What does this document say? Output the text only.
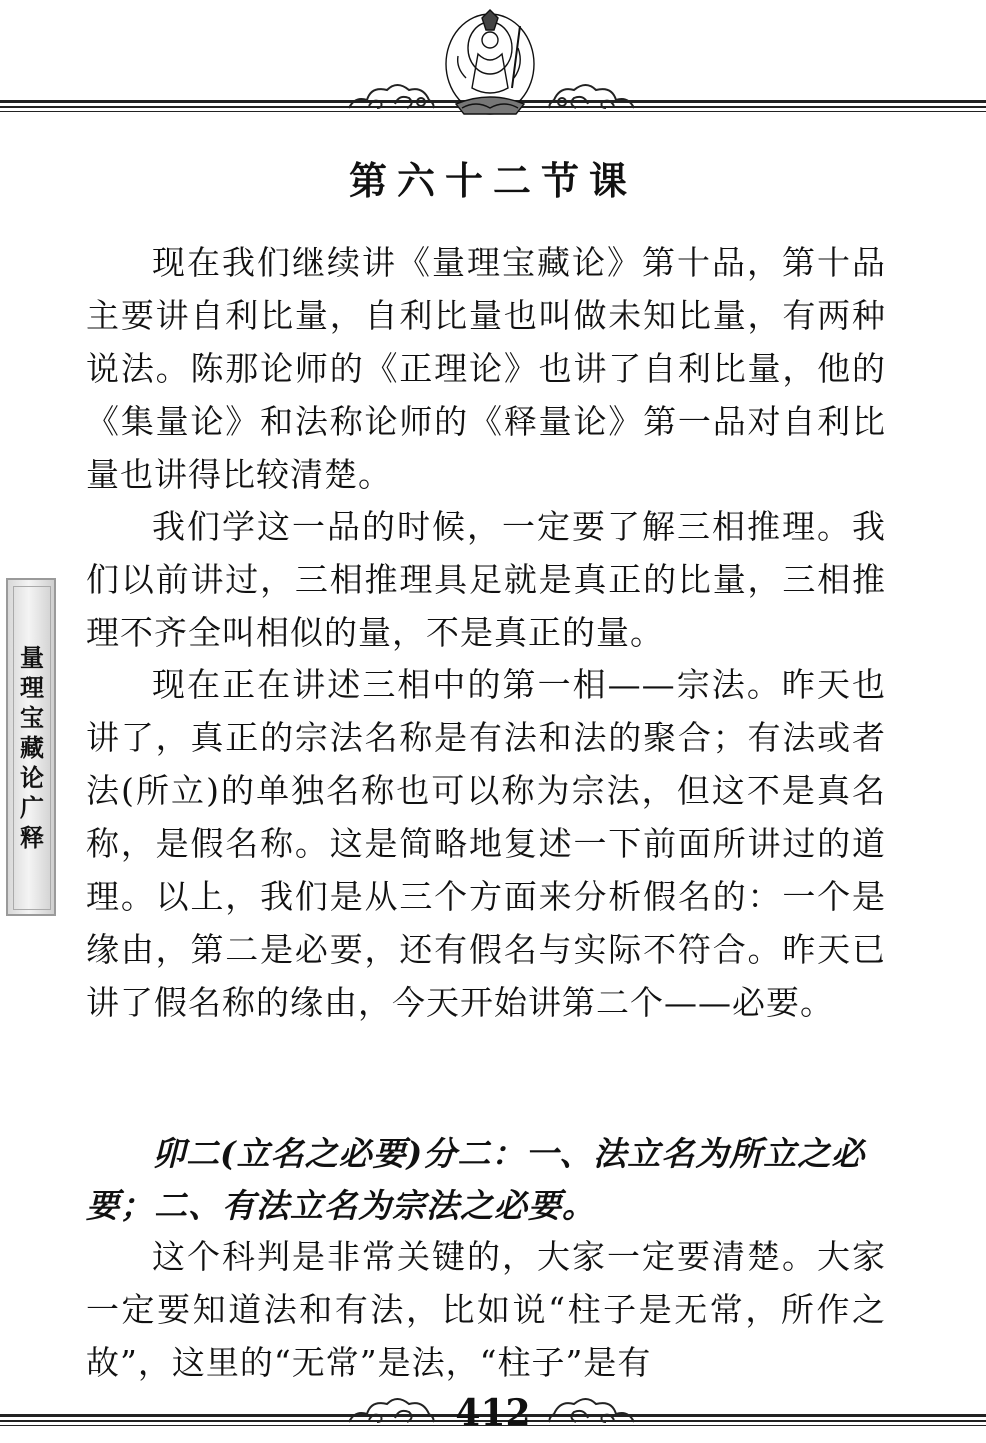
第六十二节课
量
理
宝
藏
论
广
释

现在我们继续讲《量理宝藏论》第十品，第十品主要讲自利比量，自利比量也叫做未知比量，有两种说法。陈那论师的《正理论》也讲了自利比量，他的《集量论》和法称论师的《释量论》第一品对自利比量也讲得比较清楚。

我们学这一品的时候，一定要了解三相推理。我们以前讲过，三相推理具足就是真正的比量，三相推理不齐全叫相似的量，不是真正的量。

现在正在讲述三相中的第一相——宗法。昨天也讲了，真正的宗法名称是有法和法的聚合；有法或者法(所立)的单独名称也可以称为宗法，但这不是真名称，是假名称。这是简略地复述一下前面所讲过的道理。以上，我们是从三个方面来分析假名的：一个是缘由，第二是必要，还有假名与实际不符合。昨天已讲了假名称的缘由，今天开始讲第二个——必要。

卯二(立名之必要)分二：一、法立名为所立之必要；二、有法立名为宗法之必要。

这个科判是非常关键的，大家一定要清楚。大家一定要知道法和有法，比如说“柱子是无常，所作之故”，这里的“无常”是法，“柱子”是有

412
